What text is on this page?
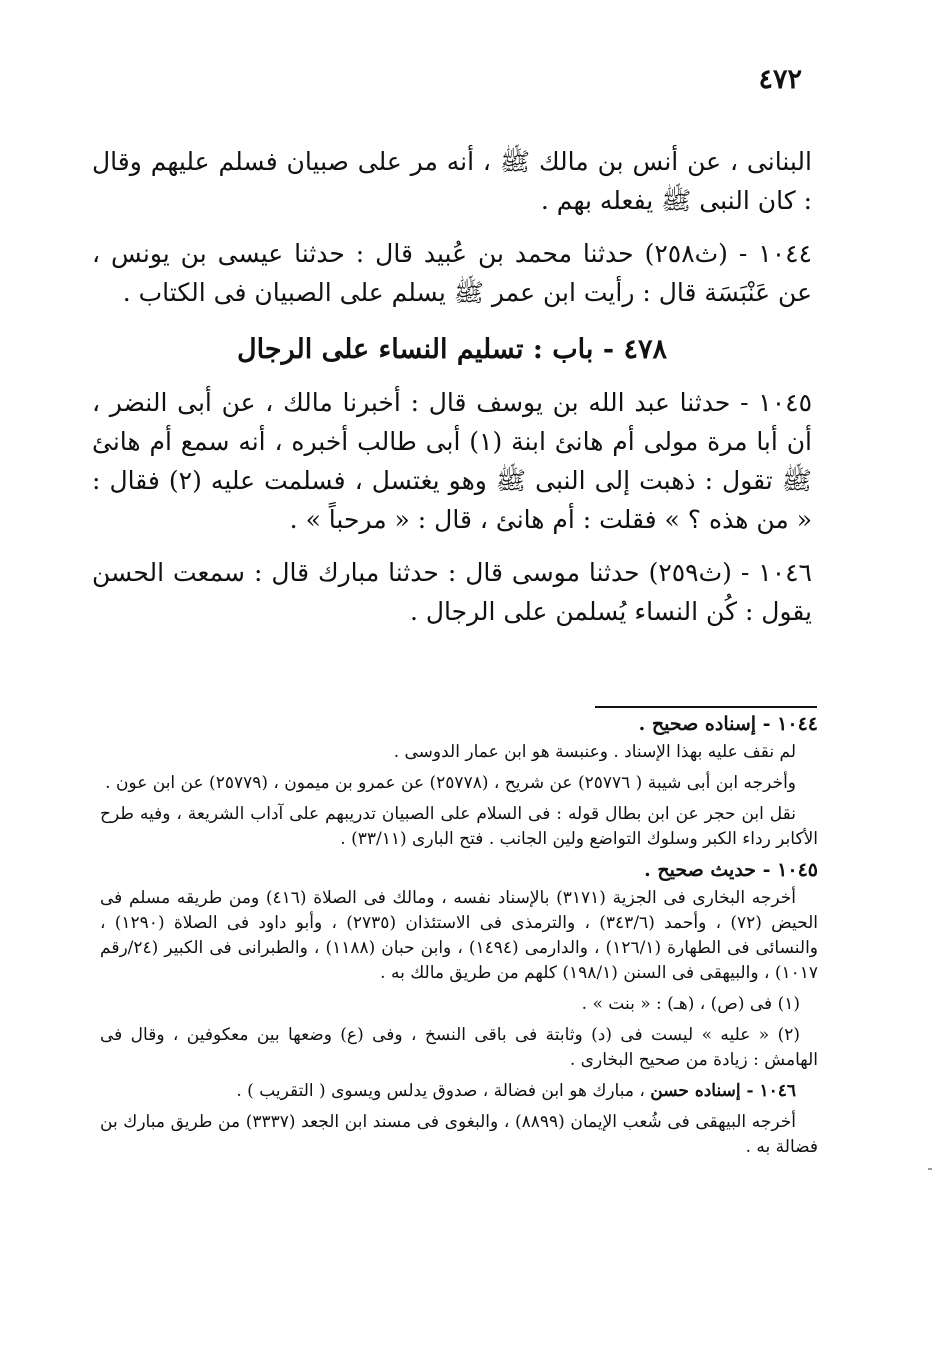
٤٧٢

البنانى ، عن أنس بن مالك ﷺ ، أنه مر على صبيان فسلم عليهم وقال : كان النبى ﷺ يفعله بهم .

١٠٤٤ - (ث٢٥٨) حدثنا محمد بن عُبيد قال : حدثنا عيسى بن يونس ، عن عَنْبَسَة قال : رأيت ابن عمر ﷺ يسلم على الصبيان فى الكتاب .

٤٧٨ - باب : تسليم النساء على الرجال

١٠٤٥ - حدثنا عبد الله بن يوسف قال : أخبرنا مالك ، عن أبى النضر ، أن أبا مرة مولى أم هانئ ابنة (١) أبى طالب أخبره ، أنه سمع أم هانئ ﷺ تقول : ذهبت إلى النبى ﷺ وهو يغتسل ، فسلمت عليه (٢) فقال : « من هذه ؟ » فقلت : أم هانئ ، قال : « مرحباً » .

١٠٤٦ - (ث٢٥٩) حدثنا موسى قال : حدثنا مبارك قال : سمعت الحسن يقول : كُن النساء يُسلمن على الرجال .

١٠٤٤ - إسناده صحيح .

لم نقف عليه بهذا الإسناد . وعنبسة هو ابن عمار الدوسى .

وأخرجه ابن أبى شيبة ( ٢٥٧٧٦) عن شريح ، (٢٥٧٧٨) عن عمرو بن ميمون ، (٢٥٧٧٩) عن ابن عون .

نقل ابن حجر عن ابن بطال قوله : فى السلام على الصبيان تدريبهم على آداب الشريعة ، وفيه طرح الأكابر رداء الكبر وسلوك التواضع ولين الجانب . فتح البارى (٣٣/١١) .

١٠٤٥ - حديث صحيح .

أخرجه البخارى فى الجزية (٣١٧١) بالإسناد نفسه ، ومالك فى الصلاة (٤١٦) ومن طريقه مسلم فى الحيض (٧٢) ، وأحمد (٣٤٣/٦) ، والترمذى فى الاستئذان (٢٧٣٥) ، وأبو داود فى الصلاة (١٢٩٠) ، والنسائى فى الطهارة (١٢٦/١) ، والدارمى (١٤٩٤) ، وابن حبان (١١٨٨) ، والطبرانى فى الكبير (٢٤/رقم ١٠١٧) ، والبيهقى فى السنن (١٩٨/١) كلهم من طريق مالك به .

(١) فى (ص) ، (هـ) : « بنت » .

(٢) « عليه » ليست فى (د) وثابتة فى باقى النسخ ، وفى (ع) وضعها بين معكوفين ، وقال فى الهامش : زيادة من صحيح البخارى .

١٠٤٦ - إسناده حسن ، مبارك هو ابن فضالة ، صدوق يدلس ويسوى ( التقريب ) .

أخرجه البيهقى فى شُعب الإيمان (٨٨٩٩) ، والبغوى فى مسند ابن الجعد (٣٣٣٧) من طريق مبارك بن فضالة به .
